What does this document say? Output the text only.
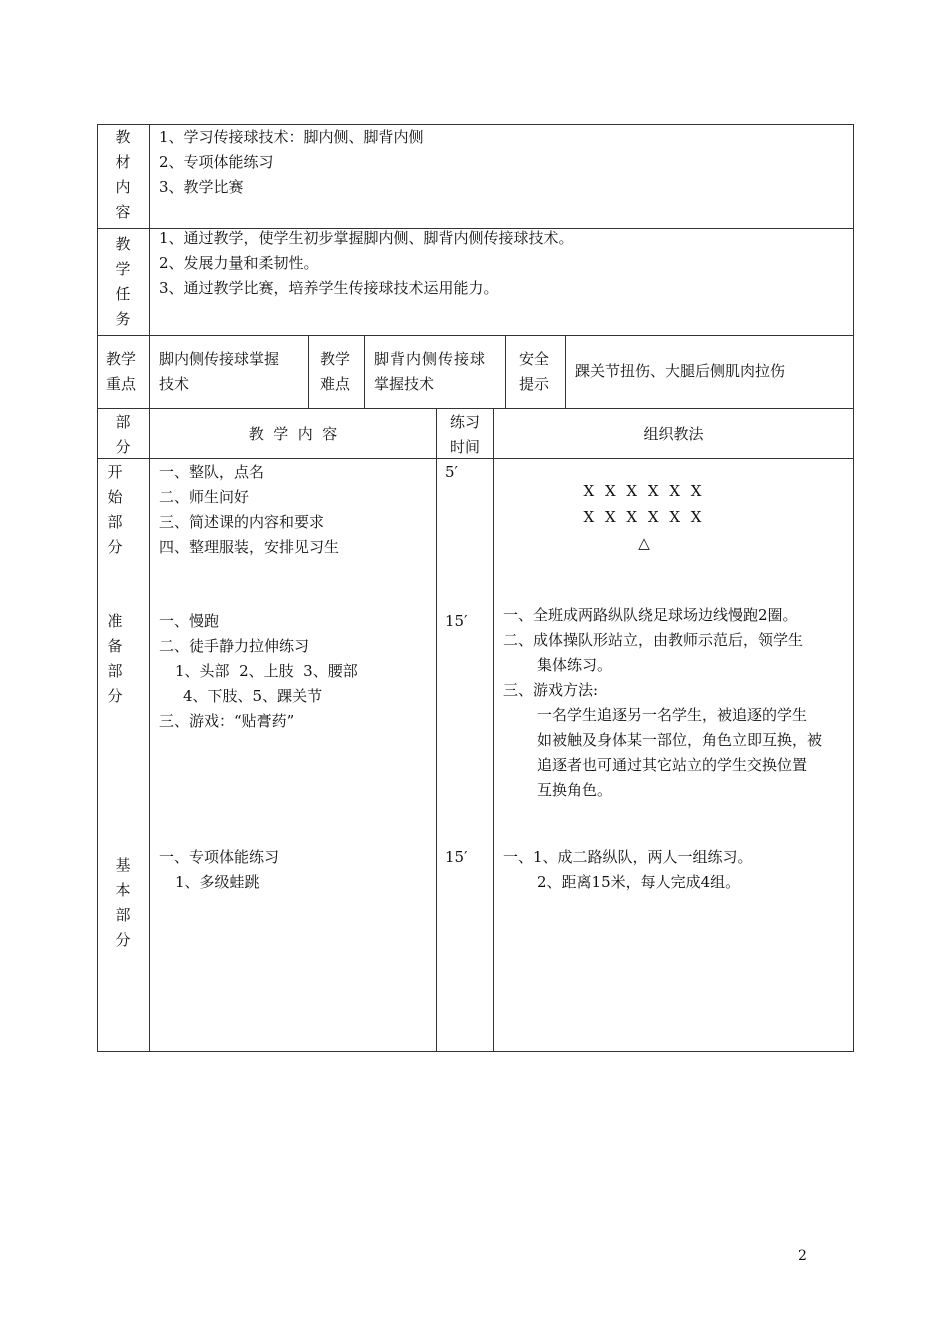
教
材
内
容
1、学习传接球技术：脚内侧、脚背内侧
2、专项体能练习
3、教学比赛
教
学
任
务
1、通过教学，使学生初步掌握脚内侧、脚背内侧传接球技术。
2、发展力量和柔韧性。
3、通过教学比赛，培养学生传接球技术运用能力。
教学
重点
脚内侧传接球掌握
技术
教学
难点
脚背内侧传接球
掌握技术
安全
提示
踝关节扭伤、大腿后侧肌肉拉伤
部
分
教  学  内  容
练习
时间
组织教法
开
始
部
分
一、整队，点名
二、师生问好
三、简述课的内容和要求
四、整理服装，安排见习生
5′
X X X X X X
X X X X X X
△
准
备
部
分
一、慢跑
二、徒手静力拉伸练习
1、头部  2、上肢  3、腰部
4、下肢、5、踝关节
三、游戏：“贴膏药”
15′ 一、全班成两路纵队绕足球场边线慢跑2圈。
二、成体操队形站立，由教师示范后，领学生
集体练习。
三、游戏方法:
一名学生追逐另一名学生，被追逐的学生
如被触及身体某一部位，角色立即互换，被
追逐者也可通过其它站立的学生交换位置
互换角色。
基
本
部
分
一、专项体能练习
1、多级蛙跳
15′ 一、1、成二路纵队，两人一组练习。
2、距离15米，每人完成4组。
2
